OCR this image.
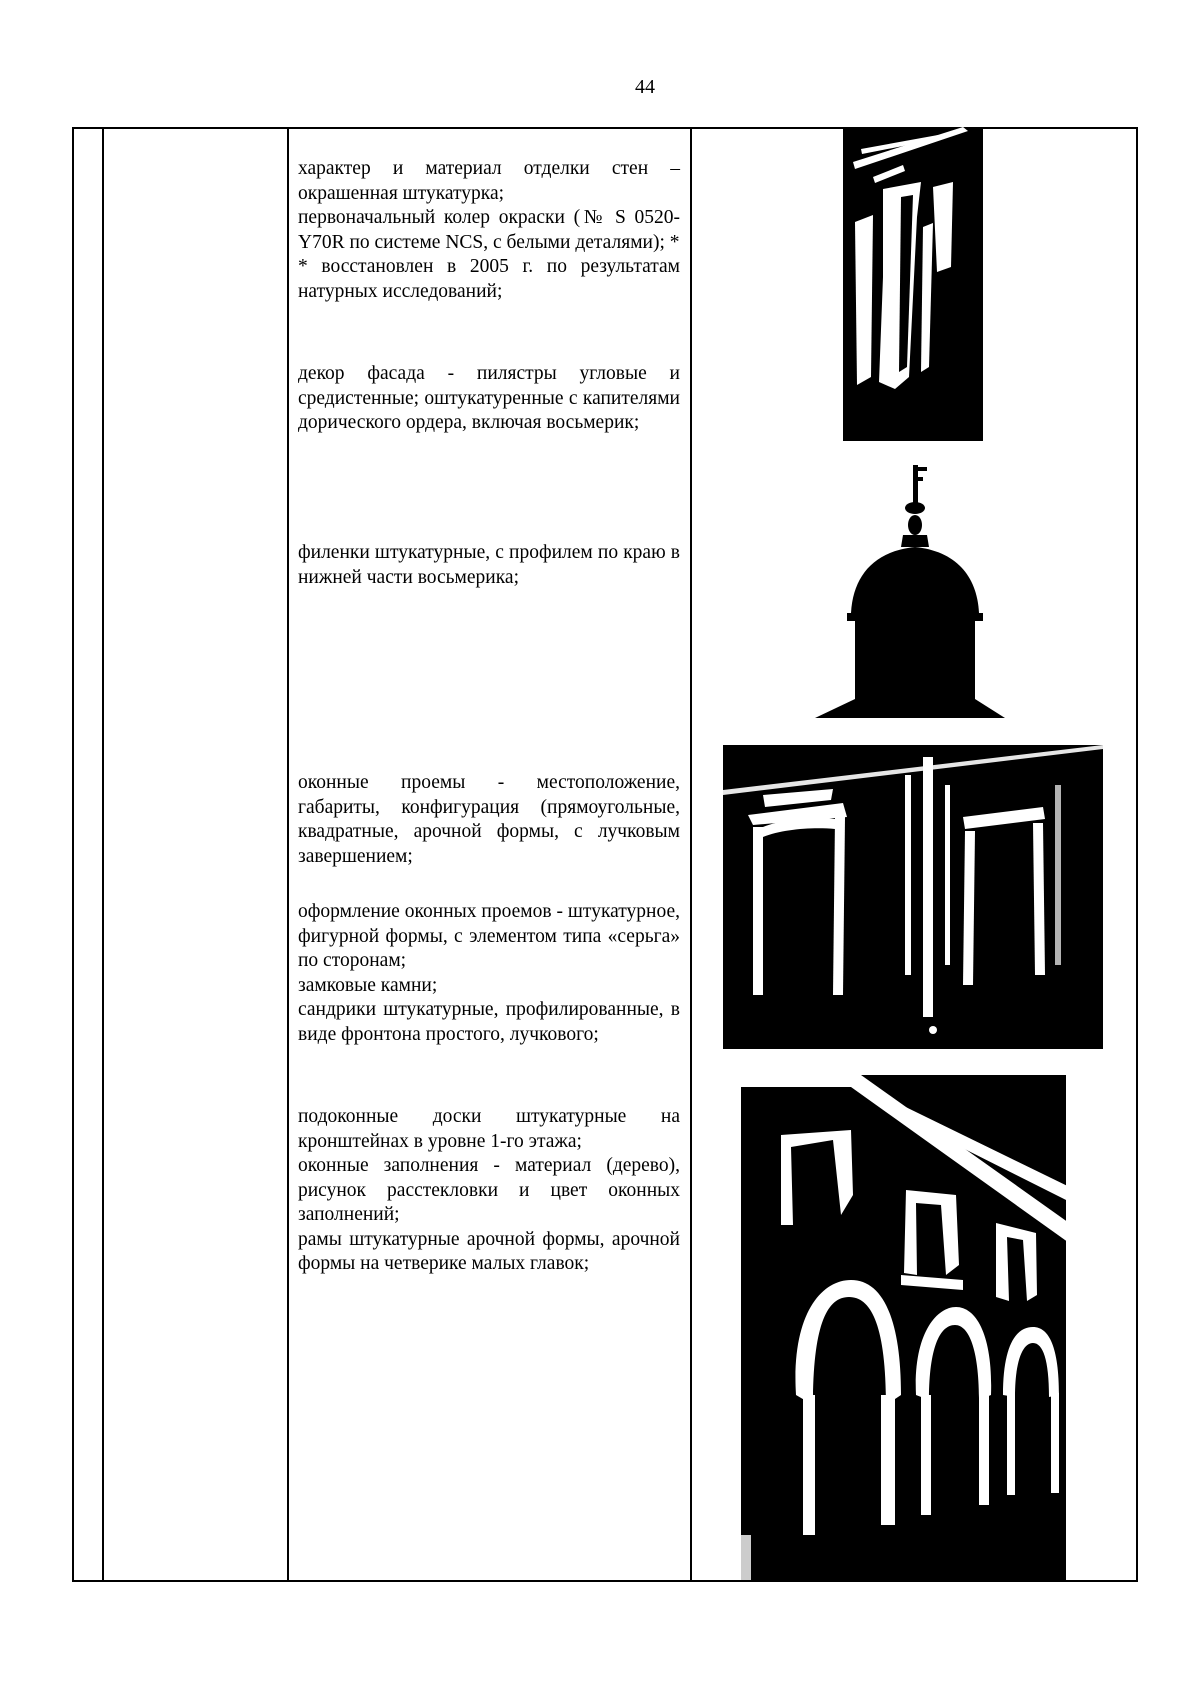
44

характер и материал отделки стен – окрашенная штукатурка;

первоначальный колер окраски (№ S 0520-Y70R по системе NCS, с белыми деталями); *

* восстановлен в 2005 г. по результатам натурных исследований;

декор фасада - пилястры угловые и средистенные; оштукатуренные с капителями дорического ордера, включая восьмерик;

филенки штукатурные, с профилем по краю в нижней части восьмерика;

оконные проемы - местоположение, габариты, конфигурация (прямоугольные, квадратные, арочной формы, с лучковым завершением;

оформление оконных проемов - штукатурное, фигурной формы, с элементом типа «серьга» по сторонам;

замковые камни;

сандрики штукатурные, профилированные, в виде фронтона простого, лучкового;

подоконные доски штукатурные на кронштейнах в уровне 1-го этажа;

оконные заполнения - материал (дерево), рисунок расстекловки и цвет оконных заполнений;

рамы штукатурные арочной формы, арочной формы на четверике малых главок;
